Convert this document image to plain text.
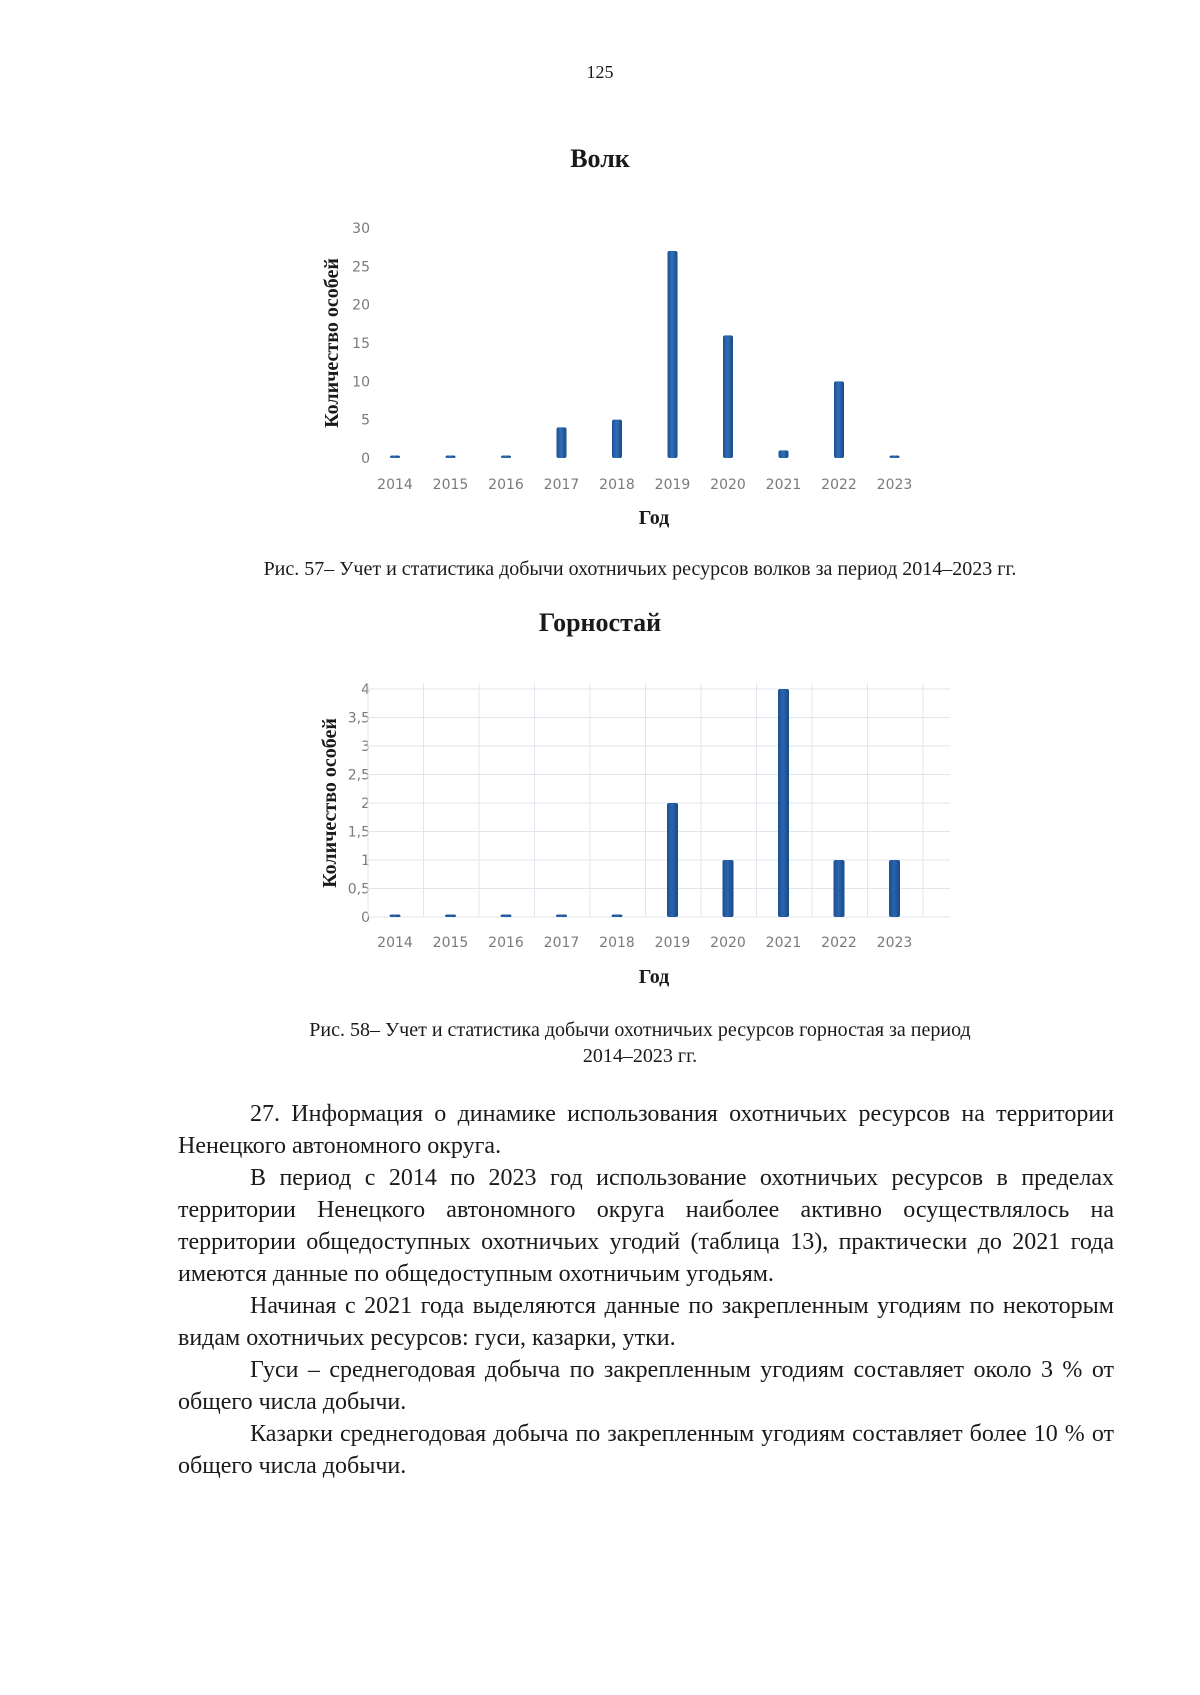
125
Волк
0
5
10
15
20
25
30
2014 2015 2016 2017 2018 2019 2020 2021 2022 2023
Количество особей
Год
Рис. 57– Учет и статистика добычи охотничьих ресурсов волков за период 2014–2023 гг.
Горностай
0
0,5
1
1,5
2
2,5
3
3,5
4
2014 2015 2016 2017 2018 2019 2020 2021 2022 2023
Количество особей
Год
Рис. 58– Учет и статистика добычи охотничьих ресурсов горностая за период
2014–2023 гг.

27. Информация о динамике использования охотничьих ресурсов на территории Ненецкого автономного округа.

В период с 2014 по 2023 год использование охотничьих ресурсов в пределах территории Ненецкого автономного округа наиболее активно осуществлялось на территории общедоступных охотничьих угодий (таблица 13), практически до 2021 года имеются данные по общедоступным охотничьим угодьям.

Начиная с 2021 года выделяются данные по закрепленным угодиям по некоторым видам охотничьих ресурсов: гуси, казарки, утки.

Гуси – среднегодовая добыча по закрепленным угодиям составляет около 3 % от общего числа добычи.

Казарки среднегодовая добыча по закрепленным угодиям составляет более 10 % от общего числа добычи.
